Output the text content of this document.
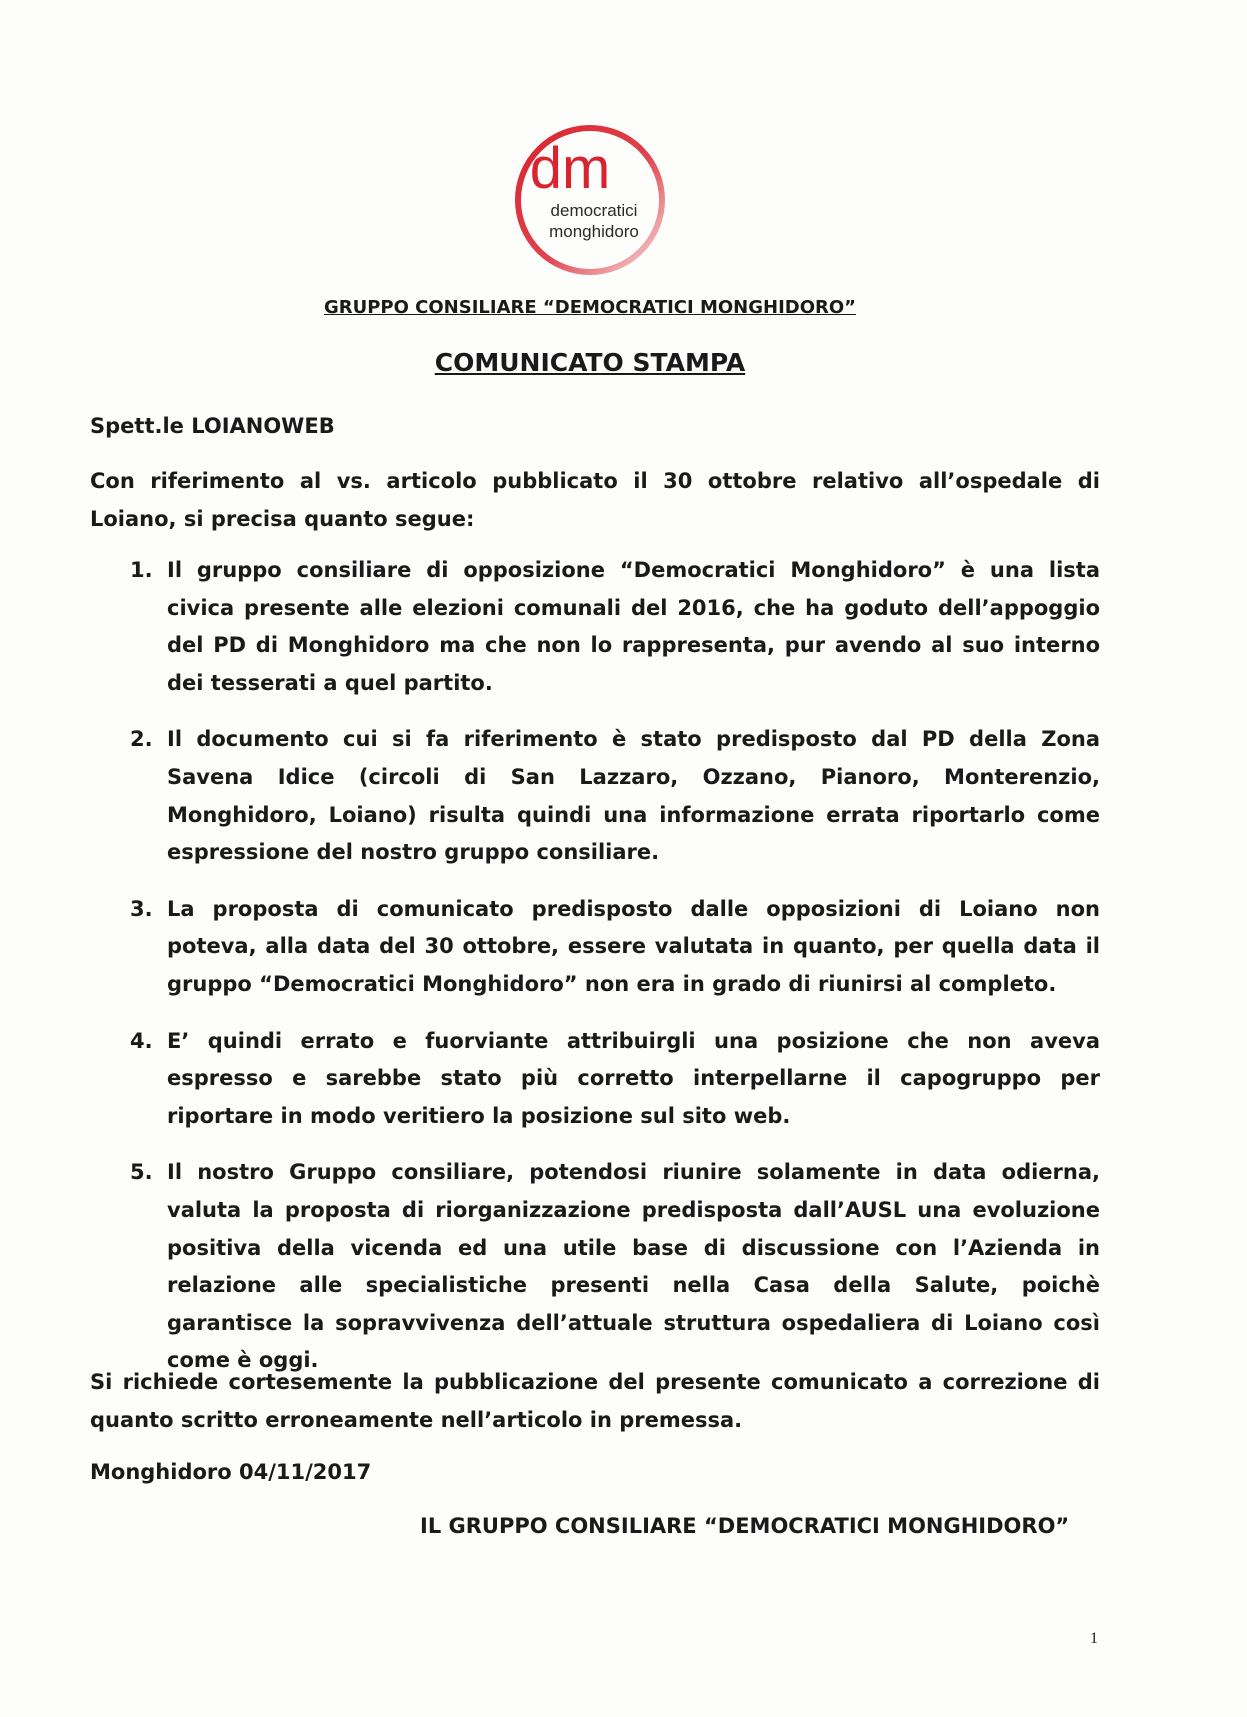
dm
democratici
monghidoro
GRUPPO CONSILIARE “DEMOCRATICI MONGHIDORO”
COMUNICATO STAMPA
Spett.le LOIANOWEB
Con riferimento al vs. articolo pubblicato il 30 ottobre relativo all’ospedale di Loiano, si precisa quanto segue:
1. Il gruppo consiliare di opposizione “Democratici Monghidoro” è una lista civica presente alle elezioni comunali del 2016, che ha goduto dell’appoggio del PD di Monghidoro ma che non lo rappresenta, pur avendo al suo interno dei tesserati a quel partito.
2. Il documento cui si fa riferimento è stato predisposto dal PD della Zona Savena Idice (circoli di San Lazzaro, Ozzano, Pianoro, Monterenzio, Monghidoro, Loiano) risulta quindi una informazione errata riportarlo come espressione del nostro gruppo consiliare.
3. La proposta di comunicato predisposto dalle opposizioni di Loiano non poteva, alla data del 30 ottobre, essere valutata in quanto, per quella data il gruppo “Democratici Monghidoro” non era in grado di riunirsi al completo.
4. E’ quindi errato e fuorviante attribuirgli una posizione che non aveva espresso e sarebbe stato più corretto interpellarne il capogruppo per riportare in modo veritiero la posizione sul sito web.
5. Il nostro Gruppo consiliare, potendosi riunire solamente in data odierna, valuta la proposta di riorganizzazione predisposta dall’AUSL una evoluzione positiva della vicenda ed una utile base di discussione con l’Azienda in relazione alle specialistiche presenti nella Casa della Salute, poichè garantisce la sopravvivenza dell’attuale struttura ospedaliera di Loiano così come è oggi.
Si richiede cortesemente la pubblicazione del presente comunicato a correzione di quanto scritto erroneamente nell’articolo in premessa.
Monghidoro 04/11/2017
IL GRUPPO CONSILIARE “DEMOCRATICI MONGHIDORO”
1
